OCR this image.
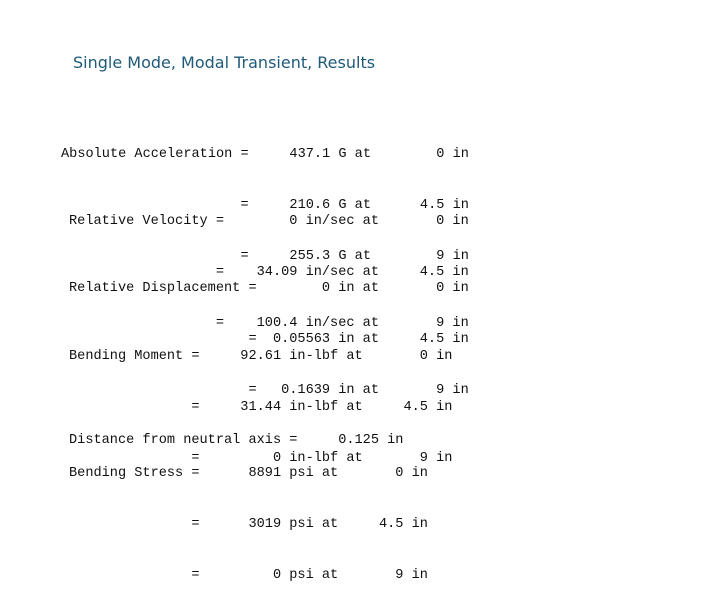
Single Mode, Modal Transient, Results

Absolute Acceleration =     437.1 G at        0 in

=     210.6 G at      4.5 in

=     255.3 G at        9 in

Relative Velocity =        0 in/sec at       0 in

=    34.09 in/sec at     4.5 in

=    100.4 in/sec at       9 in

Relative Displacement =        0 in at       0 in

=  0.05563 in at     4.5 in

=   0.1639 in at       9 in

Bending Moment =     92.61 in-lbf at       0 in

=     31.44 in-lbf at     4.5 in

=         0 in-lbf at       9 in

Distance from neutral axis =     0.125 in

Bending Stress =      8891 psi at       0 in

=      3019 psi at     4.5 in

=         0 psi at       9 in
